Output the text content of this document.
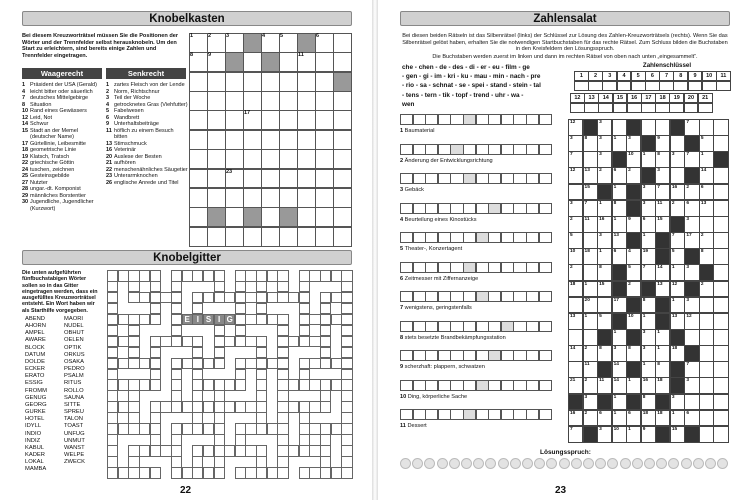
Knobelkasten
Bei diesem Kreuzworträtsel müssen Sie die Positionen der Wörter und der Trennfelder selbst herausknobeln. Um den Start zu erleichtern, sind bereits einige Zahlen und Trennfelder eingetragen.
Waagerecht	Senkrecht
1 Präsident der USA (Gerald)
4 leicht bitter oder säuerlich
7 deutsches Mittelgebirge
8 Situation
10 Rand eines Gewässers
12 Leid, Not
14 Schwur
15 Stadt an der Memel (deutscher Name)
17 Gürtellinie, Leibesmitte
18 geometrische Linie
19 Klatsch, Tratsch
22 griechische Göttin
24 tuschen, zeichnen
25 Gesteinsgebilde
27 Nutzter
28 ungar.-dt. Komponist
29 männliches Borstentier
30 Jugendliche, Jugendlicher (Kurzwort)
1 zartes Fleisch von der Lende
2 Norm, Richtschnur
3 Teil der Woche
4 getrocknetes Gras (Viehfutter)
5 Fabelwesen
6 Wandbrett
9 Unterhaltsbeiträge
11 höflich zu einem Besuch bitten
13 Stimschmuck
16 Veterinär
20 Auslese der Besten
21 aufhören
22 menschenähnliches Säugetier
23 Unterarmknochen
26 englische Anrede und Titel
1	2	3	4	5	6
8	9	11
17
23
Knobelgitter
Die unten aufgeführten fünfbuchstabigen Wörter sollen so in das Gitter eingetragen werden, dass ein ausgefülltes Kreuzworträtsel entsteht. Ein Wort haben wir als Starthilfe vorgegeben.
ABEND
AHORN
AMPEL
AWARE
BLOCK
DATUM
DOLDE
ECKER
ERATO
ESSIG
FROMM
GENUG
GEORG
GURKE
HOTEL
IDYLL
INDIO
INDIZ
KABUL
KADER
LOKAL
MAMBA
MAORI
NUDEL
OBHUT
OELEN
OPTIK
ORKUS
OSAKA
PEDRO
PSALM
RITUS
ROLLO
SAUNA
SITTE
SPREU
TALON
TOAST
UNFUG
UNMUT
WANST
WELPE
ZWECK
E I S I G
22
Zahlensalat
Bei diesen beiden Rätseln ist das Silbenrätsel (links) der Schlüssel zur Lösung des Zahlen-Kreuzworträtsels (rechts). Wenn Sie das Silbenrätsel gelöst haben, erhalten Sie die notwendigen Startbuchstaben für das rechte Rätsel. Zum Schluss bilden die Buchstaben in den Kreisfeldern den Lösungsspruch.
Die Buchstaben werden zuerst im linken und dann im rechten Rätsel von oben nach unten „eingesammelt“.
che - chen - de - des - di - er - eu - film - ge
- gen - gi - im - kri - ku - mau - min - nach - pre
- rio - sa - schnat - se - spei - stand - stein - tal
- tens - tern - tik - topf - trend - uhr - wa -
wen
Zahlenschlüssel
1	2	3	4	5	6	7	8	9	10	11
12	13	14	15	16	17	18	19	20	21
1 Baumaterial
2 Änderung der Entwicklungsrichtung
3 Gebäck
4 Beurteilung eines Kinostücks
5 Theater-, Konzertagent
6 Zeitmesser mit Ziffernanzeige
7 wenigstens, geringstenfalls
8 stets besetzte Brandbekämpfungsstation
9 scherzhaft: plappern, schwatzen
10 Ding, körperliche Sache
11 Dessert
12	3	7
3 8 3 1 3	9	5
7	3	10 1 8 3 7 1
12 13 2 6 2	3	14
15	1	3 7 16 2 6
3 7 1 8	3 11 2 6 13
2 11 16 1 9 6 15	3
5	3 13	1	7 17 2
10 18 1 6 4 19	5	8
2	8	5 7 14 1 3
18 1 15	2	13 12	2
20	17	8	1 3
13 1 5	10 1	13 12
1	3 1
14 2 8 3 8 3 1 18
11	14	1 8	7
21 2 11 14 1 16 18	3
3	1	8	3
16 2 6 1 6 18 18 1 6
7	3 10 1 9	15
Lösungsspruch:
23
